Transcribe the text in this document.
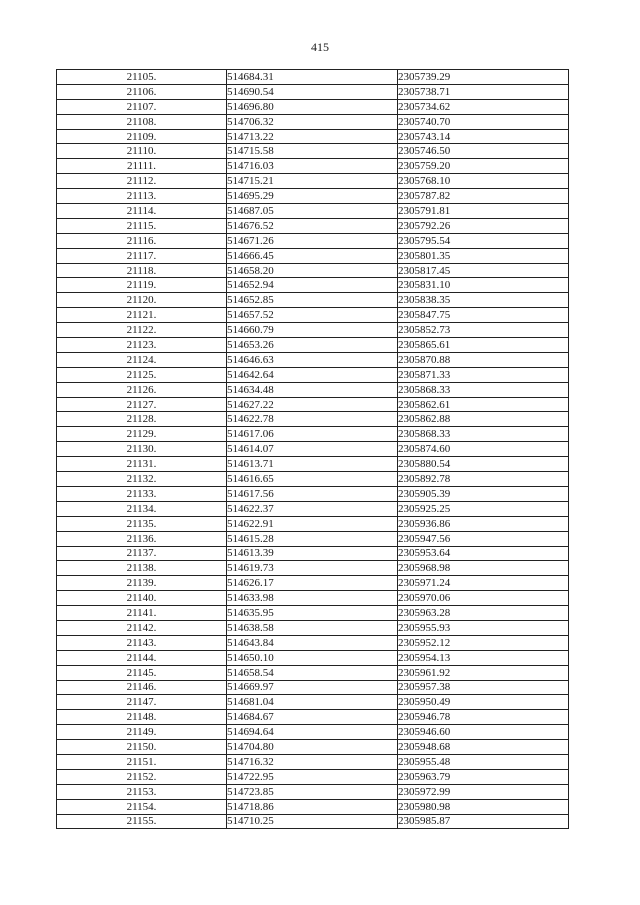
415
21105.	514684.31	2305739.29
21106.	514690.54	2305738.71
21107.	514696.80	2305734.62
21108.	514706.32	2305740.70
21109.	514713.22	2305743.14
21110.	514715.58	2305746.50
21111.	514716.03	2305759.20
21112.	514715.21	2305768.10
21113.	514695.29	2305787.82
21114.	514687.05	2305791.81
21115.	514676.52	2305792.26
21116.	514671.26	2305795.54
21117.	514666.45	2305801.35
21118.	514658.20	2305817.45
21119.	514652.94	2305831.10
21120.	514652.85	2305838.35
21121.	514657.52	2305847.75
21122.	514660.79	2305852.73
21123.	514653.26	2305865.61
21124.	514646.63	2305870.88
21125.	514642.64	2305871.33
21126.	514634.48	2305868.33
21127.	514627.22	2305862.61
21128.	514622.78	2305862.88
21129.	514617.06	2305868.33
21130.	514614.07	2305874.60
21131.	514613.71	2305880.54
21132.	514616.65	2305892.78
21133.	514617.56	2305905.39
21134.	514622.37	2305925.25
21135.	514622.91	2305936.86
21136.	514615.28	2305947.56
21137.	514613.39	2305953.64
21138.	514619.73	2305968.98
21139.	514626.17	2305971.24
21140.	514633.98	2305970.06
21141.	514635.95	2305963.28
21142.	514638.58	2305955.93
21143.	514643.84	2305952.12
21144.	514650.10	2305954.13
21145.	514658.54	2305961.92
21146.	514669.97	2305957.38
21147.	514681.04	2305950.49
21148.	514684.67	2305946.78
21149.	514694.64	2305946.60
21150.	514704.80	2305948.68
21151.	514716.32	2305955.48
21152.	514722.95	2305963.79
21153.	514723.85	2305972.99
21154.	514718.86	2305980.98
21155.	514710.25	2305985.87
